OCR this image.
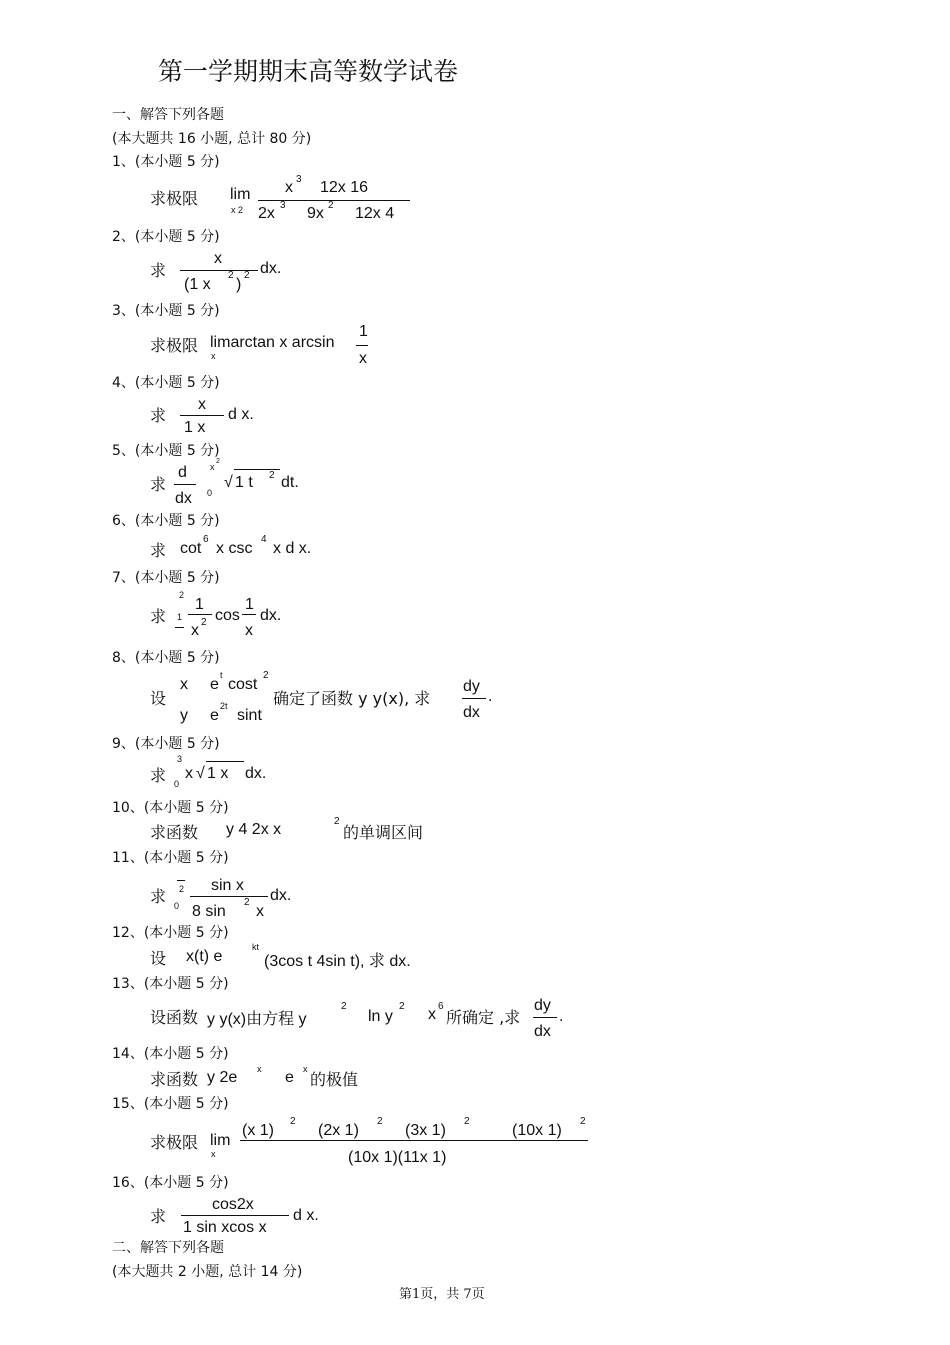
第一学期期末高等数学试卷
一、解答下列各题
(本大题共 16 小题, 总计 80 分)
1、(本小题 5 分)
求极限 lim
x 2
x 3 12x 16
2x 3 9x 2 12x 4
2、(本小题 5 分)
求
x
(1 x
2
)
2 dx.
3、(本小题 5 分)
求极限 limarctan x arcsin
x
1
x
4、(本小题 5 分)
求
x
1 x
d x.
5、(本小题 5 分)
求
d
dx
x
2
0
√ 1 t 2 dt.
6、(本小题 5 分)
求 cot
6
x csc
4
x d x.
7、(本小题 5 分)
求
2
1
1
x 2 cos
1
x
dx.
8、(本小题 5 分)
设
x e
t
cost
2
y e
2t
sint
确定了函数 y y(x), 求
dy
dx
.
9、(本小题 5 分)
求
3
0
x √ 1 x dx.
10、(本小题 5 分)
求函数 y 4 2x x	2
的单调区间
11、(本小题 5 分)
求 2
0
sin x
8 sin
2
x
dx.
12、(本小题 5 分)
设 x(t) e
kt
(3cos t 4sin t), 求 dx.
13、(本小题 5 分)
设函数 y y(x)由方程 y
2
ln y
2 x 6
所确定 ,求
dy
dx
.
14、(本小题 5 分)
求函数 y 2e x e x
的极值
15、(本小题 5 分)
求极限 lim
x
(x 1)
2
(2x 1)
2
(3x 1)
2
(10x 1)
2
(10x 1)(11x 1)
16、(本小题 5 分)
求
cos2x
1 sin xcos x
d x.
二、解答下列各题
(本大题共 2 小题, 总计 14 分)
第1页，共 7页
